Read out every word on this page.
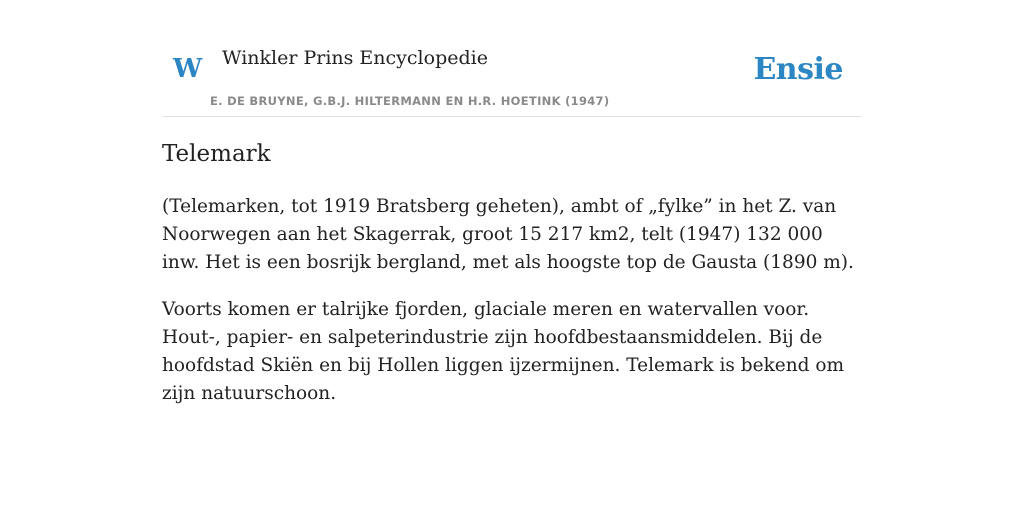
W Winkler Prins Encyclopedie
E. DE BRUYNE, G.B.J. HILTERMANN EN H.R. HOETINK (1947)
Ensie
Telemark

(Telemarken, tot 1919 Bratsberg geheten), ambt of „fylke” in het Z. van Noorwegen aan het Skagerrak, groot 15 217 km2, telt (1947) 132 000 inw. Het is een bosrijk bergland, met als hoogste top de Gausta (1890 m).

Voorts komen er talrijke fjorden, glaciale meren en watervallen voor. Hout-, papier- en salpeterindustrie zijn hoofdbestaansmiddelen. Bij de hoofdstad Skiën en bij Hollen liggen ijzermijnen. Telemark is bekend om zijn natuurschoon.
